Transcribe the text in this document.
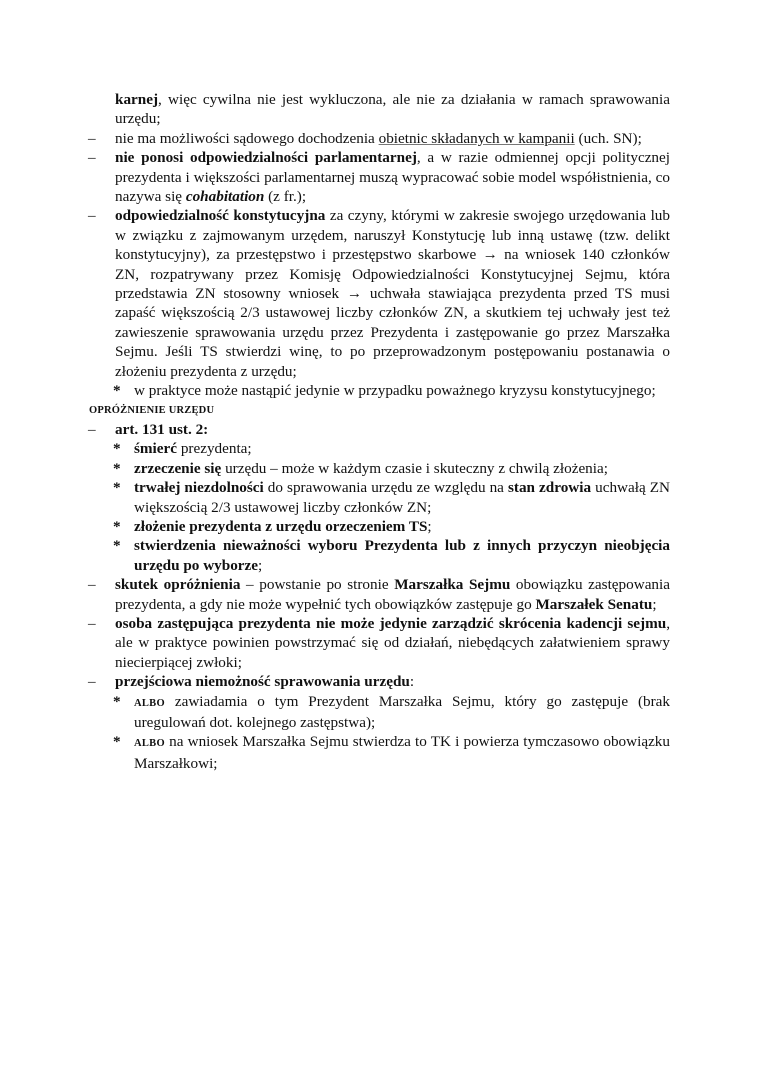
karnej, więc cywilna nie jest wykluczona, ale nie za działania w ramach sprawowania urzędu;
– nie ma możliwości sądowego dochodzenia obietnic składanych w kampanii (uch. SN);
– nie ponosi odpowiedzialności parlamentarnej, a w razie odmiennej opcji politycznej prezydenta i większości parlamentarnej muszą wypracować sobie model współistnienia, co nazywa się cohabitation (z fr.);
– odpowiedzialność konstytucyjna za czyny, którymi w zakresie swojego urzędowania lub w związku z zajmowanym urzędem, naruszył Konstytucję lub inną ustawę (tzw. delikt konstytucyjny), za przestępstwo i przestępstwo skarbowe → na wniosek 140 członków ZN, rozpatrywany przez Komisję Odpowiedzialności Konstytucyjnej Sejmu, która przedstawia ZN stosowny wniosek → uchwała stawiająca prezydenta przed TS musi zapaść większością 2/3 ustawowej liczby członków ZN, a skutkiem tej uchwały jest też zawieszenie sprawowania urzędu przez Prezydenta i zastępowanie go przez Marszałka Sejmu. Jeśli TS stwierdzi winę, to po przeprowadzonym postępowaniu postanawia o złożeniu prezydenta z urzędu;
* w praktyce może nastąpić jedynie w przypadku poważnego kryzysu konstytucyjnego;
OPRÓŻNIENIE URZĘDU
– art. 131 ust. 2:
* śmierć prezydenta;
* zrzeczenie się urzędu – może w każdym czasie i skuteczny z chwilą złożenia;
* trwałej niezdolności do sprawowania urzędu ze względu na stan zdrowia uchwałą ZN większością 2/3 ustawowej liczby członków ZN;
* złożenie prezydenta z urzędu orzeczeniem TS;
* stwierdzenia nieważności wyboru Prezydenta lub z innych przyczyn nieobjęcia urzędu po wyborze;
– skutek opróżnienia – powstanie po stronie Marszałka Sejmu obowiązku zastępowania prezydenta, a gdy nie może wypełnić tych obowiązków zastępuje go Marszałek Senatu;
– osoba zastępująca prezydenta nie może jedynie zarządzić skrócenia kadencji sejmu, ale w praktyce powinien powstrzymać się od działań, niebędących załatwieniem sprawy niecierpiącej zwłoki;
– przejściowa niemożność sprawowania urzędu:
* ALBO zawiadamia o tym Prezydent Marszałka Sejmu, który go zastępuje (brak uregulowań dot. kolejnego zastępstwa);
* ALBO na wniosek Marszałka Sejmu stwierdza to TK i powierza tymczasowo obowiązku Marszałkowi;
